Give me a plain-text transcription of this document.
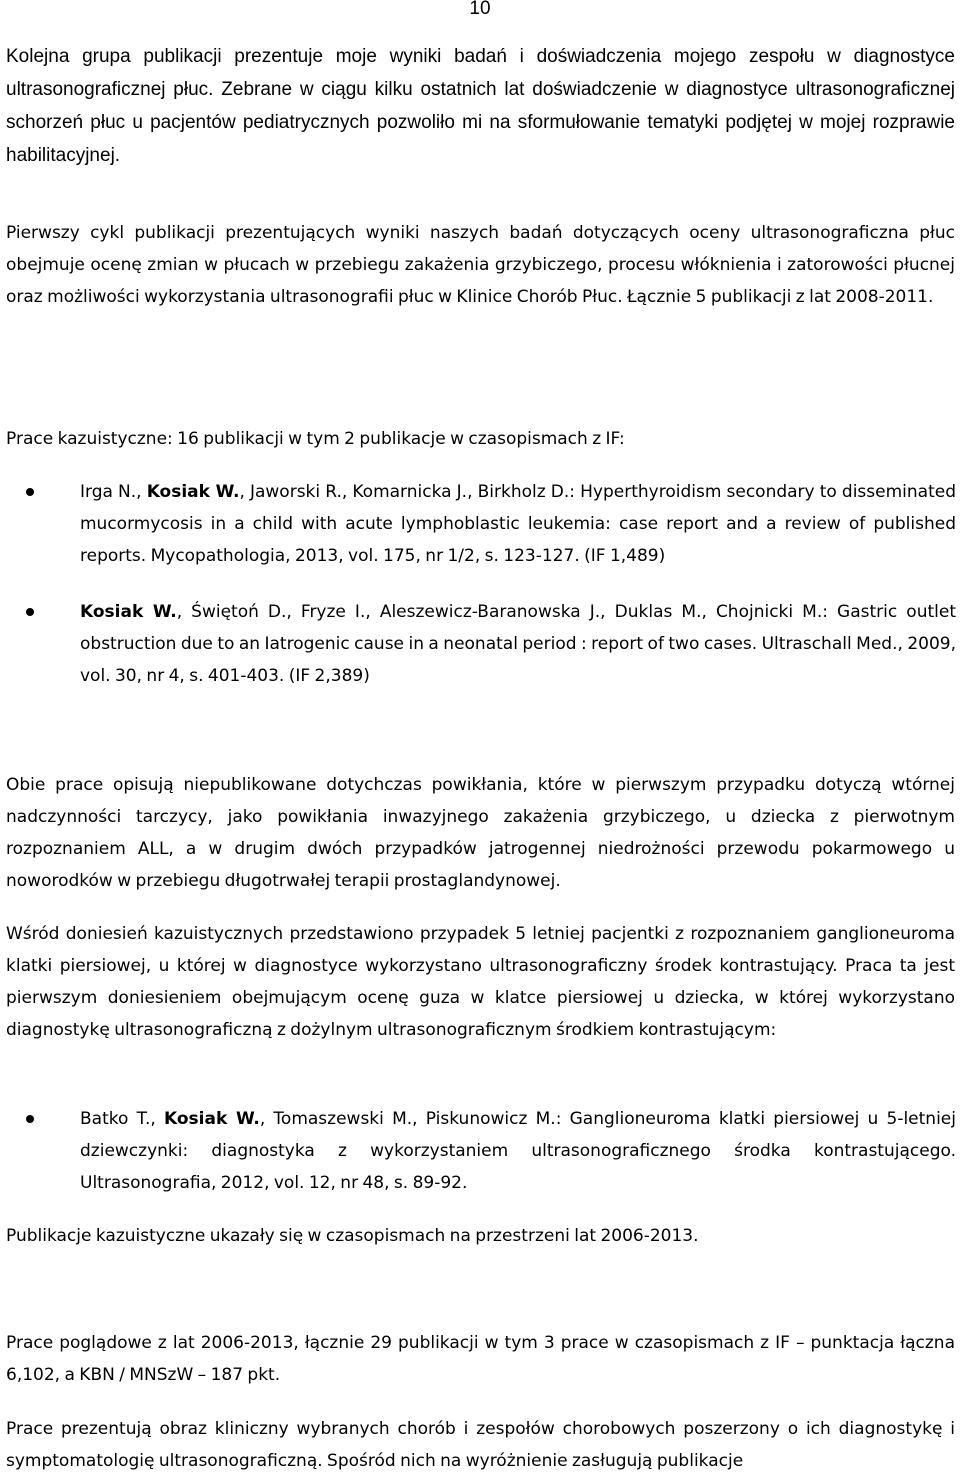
10

Kolejna grupa publikacji prezentuje moje wyniki badań i doświadczenia mojego zespołu w diagnostyce ultrasonograficznej płuc. Zebrane w ciągu kilku ostatnich lat doświadczenie w diagnostyce ultrasonograficznej schorzeń płuc u pacjentów pediatrycznych pozwoliło mi na sformułowanie tematyki podjętej w mojej rozprawie habilitacyjnej.

Pierwszy cykl publikacji prezentujących wyniki naszych badań dotyczących oceny ultrasonograficzna płuc obejmuje ocenę zmian w płucach w przebiegu zakażenia grzybiczego, procesu włóknienia i zatorowości płucnej oraz możliwości wykorzystania ultrasonografii płuc w Klinice Chorób Płuc. Łącznie 5 publikacji z lat 2008-2011.

Prace kazuistyczne: 16 publikacji w tym 2 publikacje w czasopismach z IF:

Irga N., Kosiak W., Jaworski R., Komarnicka J., Birkholz D.: Hyperthyroidism secondary to disseminated mucormycosis in a child with acute lymphoblastic leukemia: case report and a review of published reports. Mycopathologia, 2013, vol. 175, nr 1/2, s. 123-127. (IF 1,489)
Kosiak W., Świętoń D., Fryze I., Aleszewicz-Baranowska J., Duklas M., Chojnicki M.: Gastric outlet obstruction due to an Iatrogenic cause in a neonatal period : report of two cases. Ultraschall Med., 2009, vol. 30, nr 4, s. 401-403. (IF 2,389)

Obie prace opisują niepublikowane dotychczas powikłania, które w pierwszym przypadku dotyczą wtórnej nadczynności tarczycy, jako powikłania inwazyjnego zakażenia grzybiczego, u dziecka z pierwotnym rozpoznaniem ALL, a w drugim dwóch przypadków jatrogennej niedrożności przewodu pokarmowego u noworodków w przebiegu długotrwałej terapii prostaglandynowej.

Wśród doniesień kazuistycznych przedstawiono przypadek 5 letniej pacjentki z rozpoznaniem ganglioneuroma klatki piersiowej, u której w diagnostyce wykorzystano ultrasonograficzny środek kontrastujący. Praca ta jest pierwszym doniesieniem obejmującym ocenę guza w klatce piersiowej u dziecka, w której wykorzystano diagnostykę ultrasonograficzną z dożylnym ultrasonograficznym środkiem kontrastującym:

Batko T., Kosiak W., Tomaszewski M., Piskunowicz M.: Ganglioneuroma klatki piersiowej u 5-letniej dziewczynki: diagnostyka z wykorzystaniem ultrasonograficznego środka kontrastującego. Ultrasonografia, 2012, vol. 12, nr 48, s. 89-92.

Publikacje kazuistyczne ukazały się w czasopismach na przestrzeni lat 2006-2013.

Prace poglądowe z lat 2006-2013, łącznie 29 publikacji w tym 3 prace w czasopismach z IF – punktacja łączna 6,102, a KBN / MNSzW – 187 pkt.

Prace prezentują obraz kliniczny wybranych chorób i zespołów chorobowych poszerzony o ich diagnostykę i symptomatologię ultrasonograficzną. Spośród nich na wyróżnienie zasługują publikacje
